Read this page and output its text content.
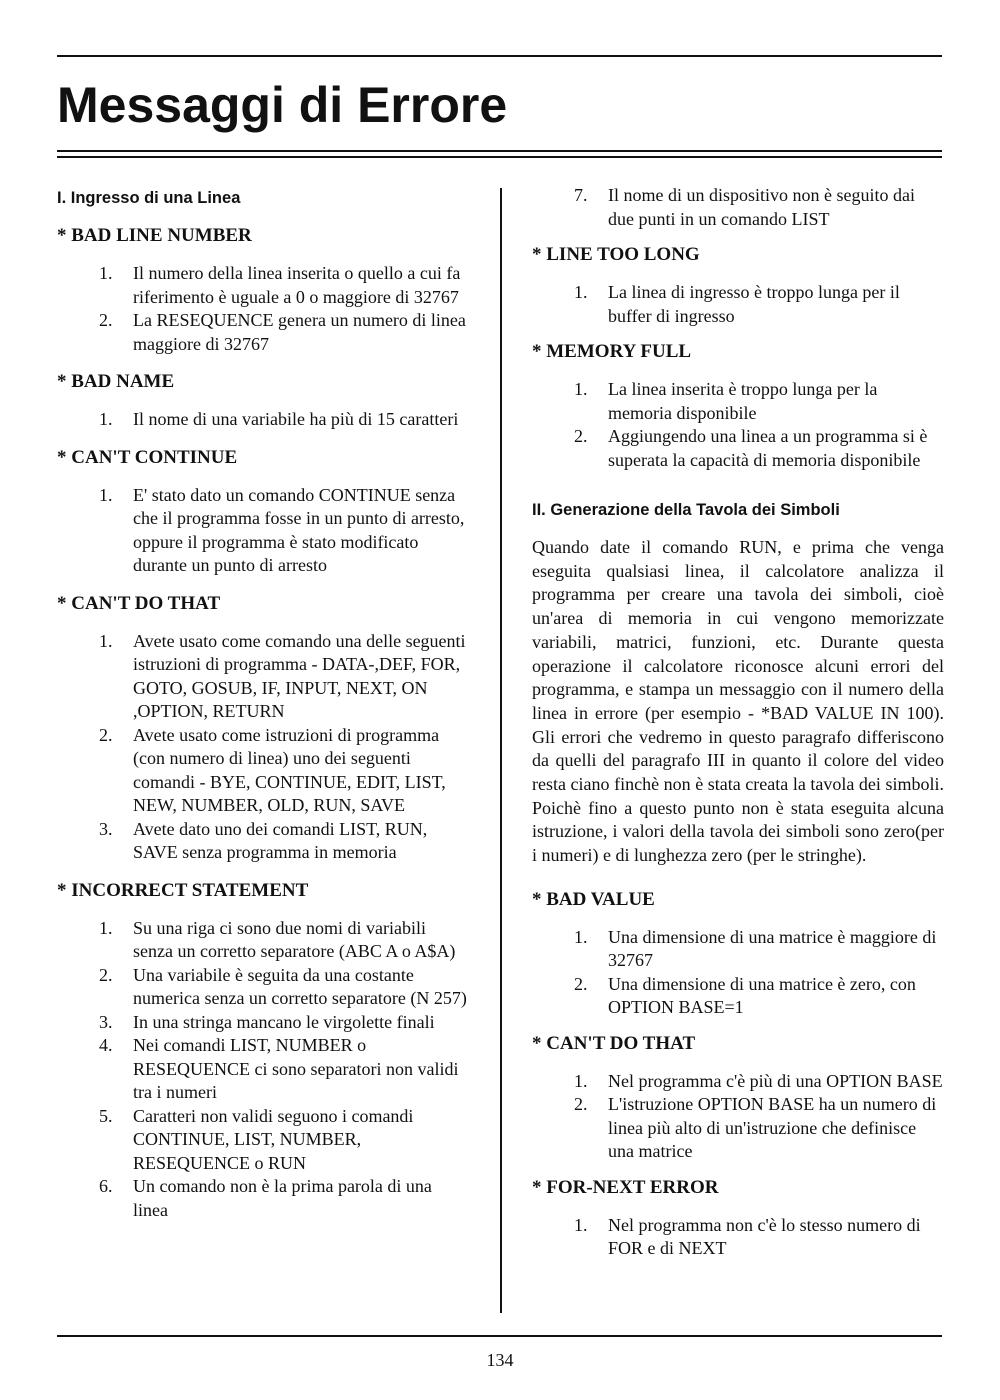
Messaggi di Errore
I. Ingresso di una Linea
* BAD LINE NUMBER
1. Il numero della linea inserita o quello a cui fa riferimento è uguale a 0 o maggiore di 32767
2. La RESEQUENCE genera un numero di linea maggiore di 32767
* BAD NAME
1. Il nome di una variabile ha più di 15 caratteri
* CAN'T CONTINUE
1. E' stato dato un comando CONTINUE senza che il programma fosse in un punto di arresto, oppure il programma è stato modificato durante un punto di arresto
* CAN'T DO THAT
1. Avete usato come comando una delle seguenti istruzioni di programma - DATA-,DEF, FOR, GOTO, GOSUB, IF, INPUT, NEXT, ON ,OPTION, RETURN
2. Avete usato come istruzioni di programma (con numero di linea) uno dei seguenti comandi - BYE, CONTINUE, EDIT, LIST, NEW, NUMBER, OLD, RUN, SAVE
3. Avete dato uno dei comandi LIST, RUN, SAVE senza programma in memoria
* INCORRECT STATEMENT
1. Su una riga ci sono due nomi di variabili senza un corretto separatore (ABC A o A$A)
2. Una variabile è seguita da una costante numerica senza un corretto separatore (N 257)
3. In una stringa mancano le virgolette finali
4. Nei comandi LIST, NUMBER o RESEQUENCE ci sono separatori non validi tra i numeri
5. Caratteri non validi seguono i comandi CONTINUE, LIST, NUMBER, RESEQUENCE o RUN
6. Un comando non è la prima parola di una linea
7. Il nome di un dispositivo non è seguito dai due punti in un comando LIST
* LINE TOO LONG
1. La linea di ingresso è troppo lunga per il buffer di ingresso
* MEMORY FULL
1. La linea inserita è troppo lunga per la memoria disponibile
2. Aggiungendo una linea a un programma si è superata la capacità di memoria disponibile
II. Generazione della Tavola dei Simboli

Quando date il comando RUN, e prima che venga eseguita qualsiasi linea, il calcolatore analizza il programma per creare una tavola dei simboli, cioè un'area di memoria in cui vengono memorizzate variabili, matrici, funzioni, etc. Durante questa operazione il calcolatore riconosce alcuni errori del programma, e stampa un messaggio con il numero della linea in errore (per esempio - *BAD VALUE IN 100). Gli errori che vedremo in questo paragrafo differiscono da quelli del paragrafo III in quanto il colore del video resta ciano finchè non è stata creata la tavola dei simboli. Poichè fino a questo punto non è stata eseguita alcuna istruzione, i valori della tavola dei simboli sono zero(per i numeri) e di lunghezza zero (per le stringhe).

* BAD VALUE
1. Una dimensione di una matrice è maggiore di 32767
2. Una dimensione di una matrice è zero, con OPTION BASE=1
* CAN'T DO THAT
1. Nel programma c'è più di una OPTION BASE
2. L'istruzione OPTION BASE ha un numero di linea più alto di un'istruzione che definisce una matrice
* FOR-NEXT ERROR
1. Nel programma non c'è lo stesso numero di FOR e di NEXT
134
